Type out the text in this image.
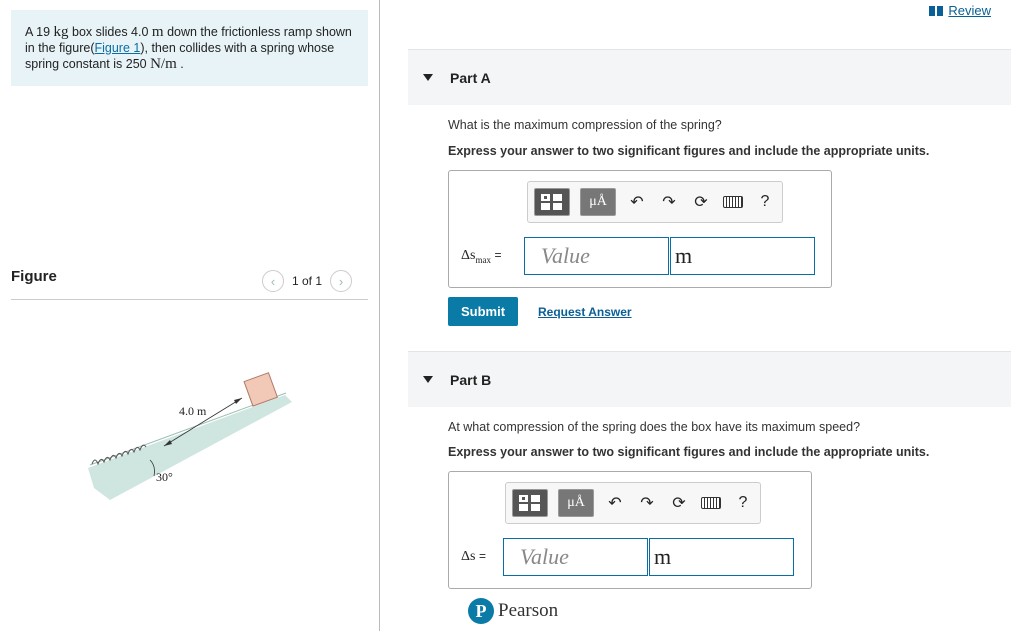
A 19 kg box slides 4.0 m down the frictionless ramp shown in the figure(Figure 1), then collides with a spring whose spring constant is 250 N/m .
Figure	‹	1 of 1	›
4.0 m
30°
Review
Part A
What is the maximum compression of the spring?
Express your answer to two significant figures and include the appropriate units.
μÅ	↶ ↷ ⟳	?
$\Delta s_{max}$ =	Value	m
Submit	Request Answer
Part B
At what compression of the spring does the box have its maximum speed?
Express your answer to two significant figures and include the appropriate units.
μÅ	↶ ↷ ⟳	?
Δs =	Value	m
P Pearson
